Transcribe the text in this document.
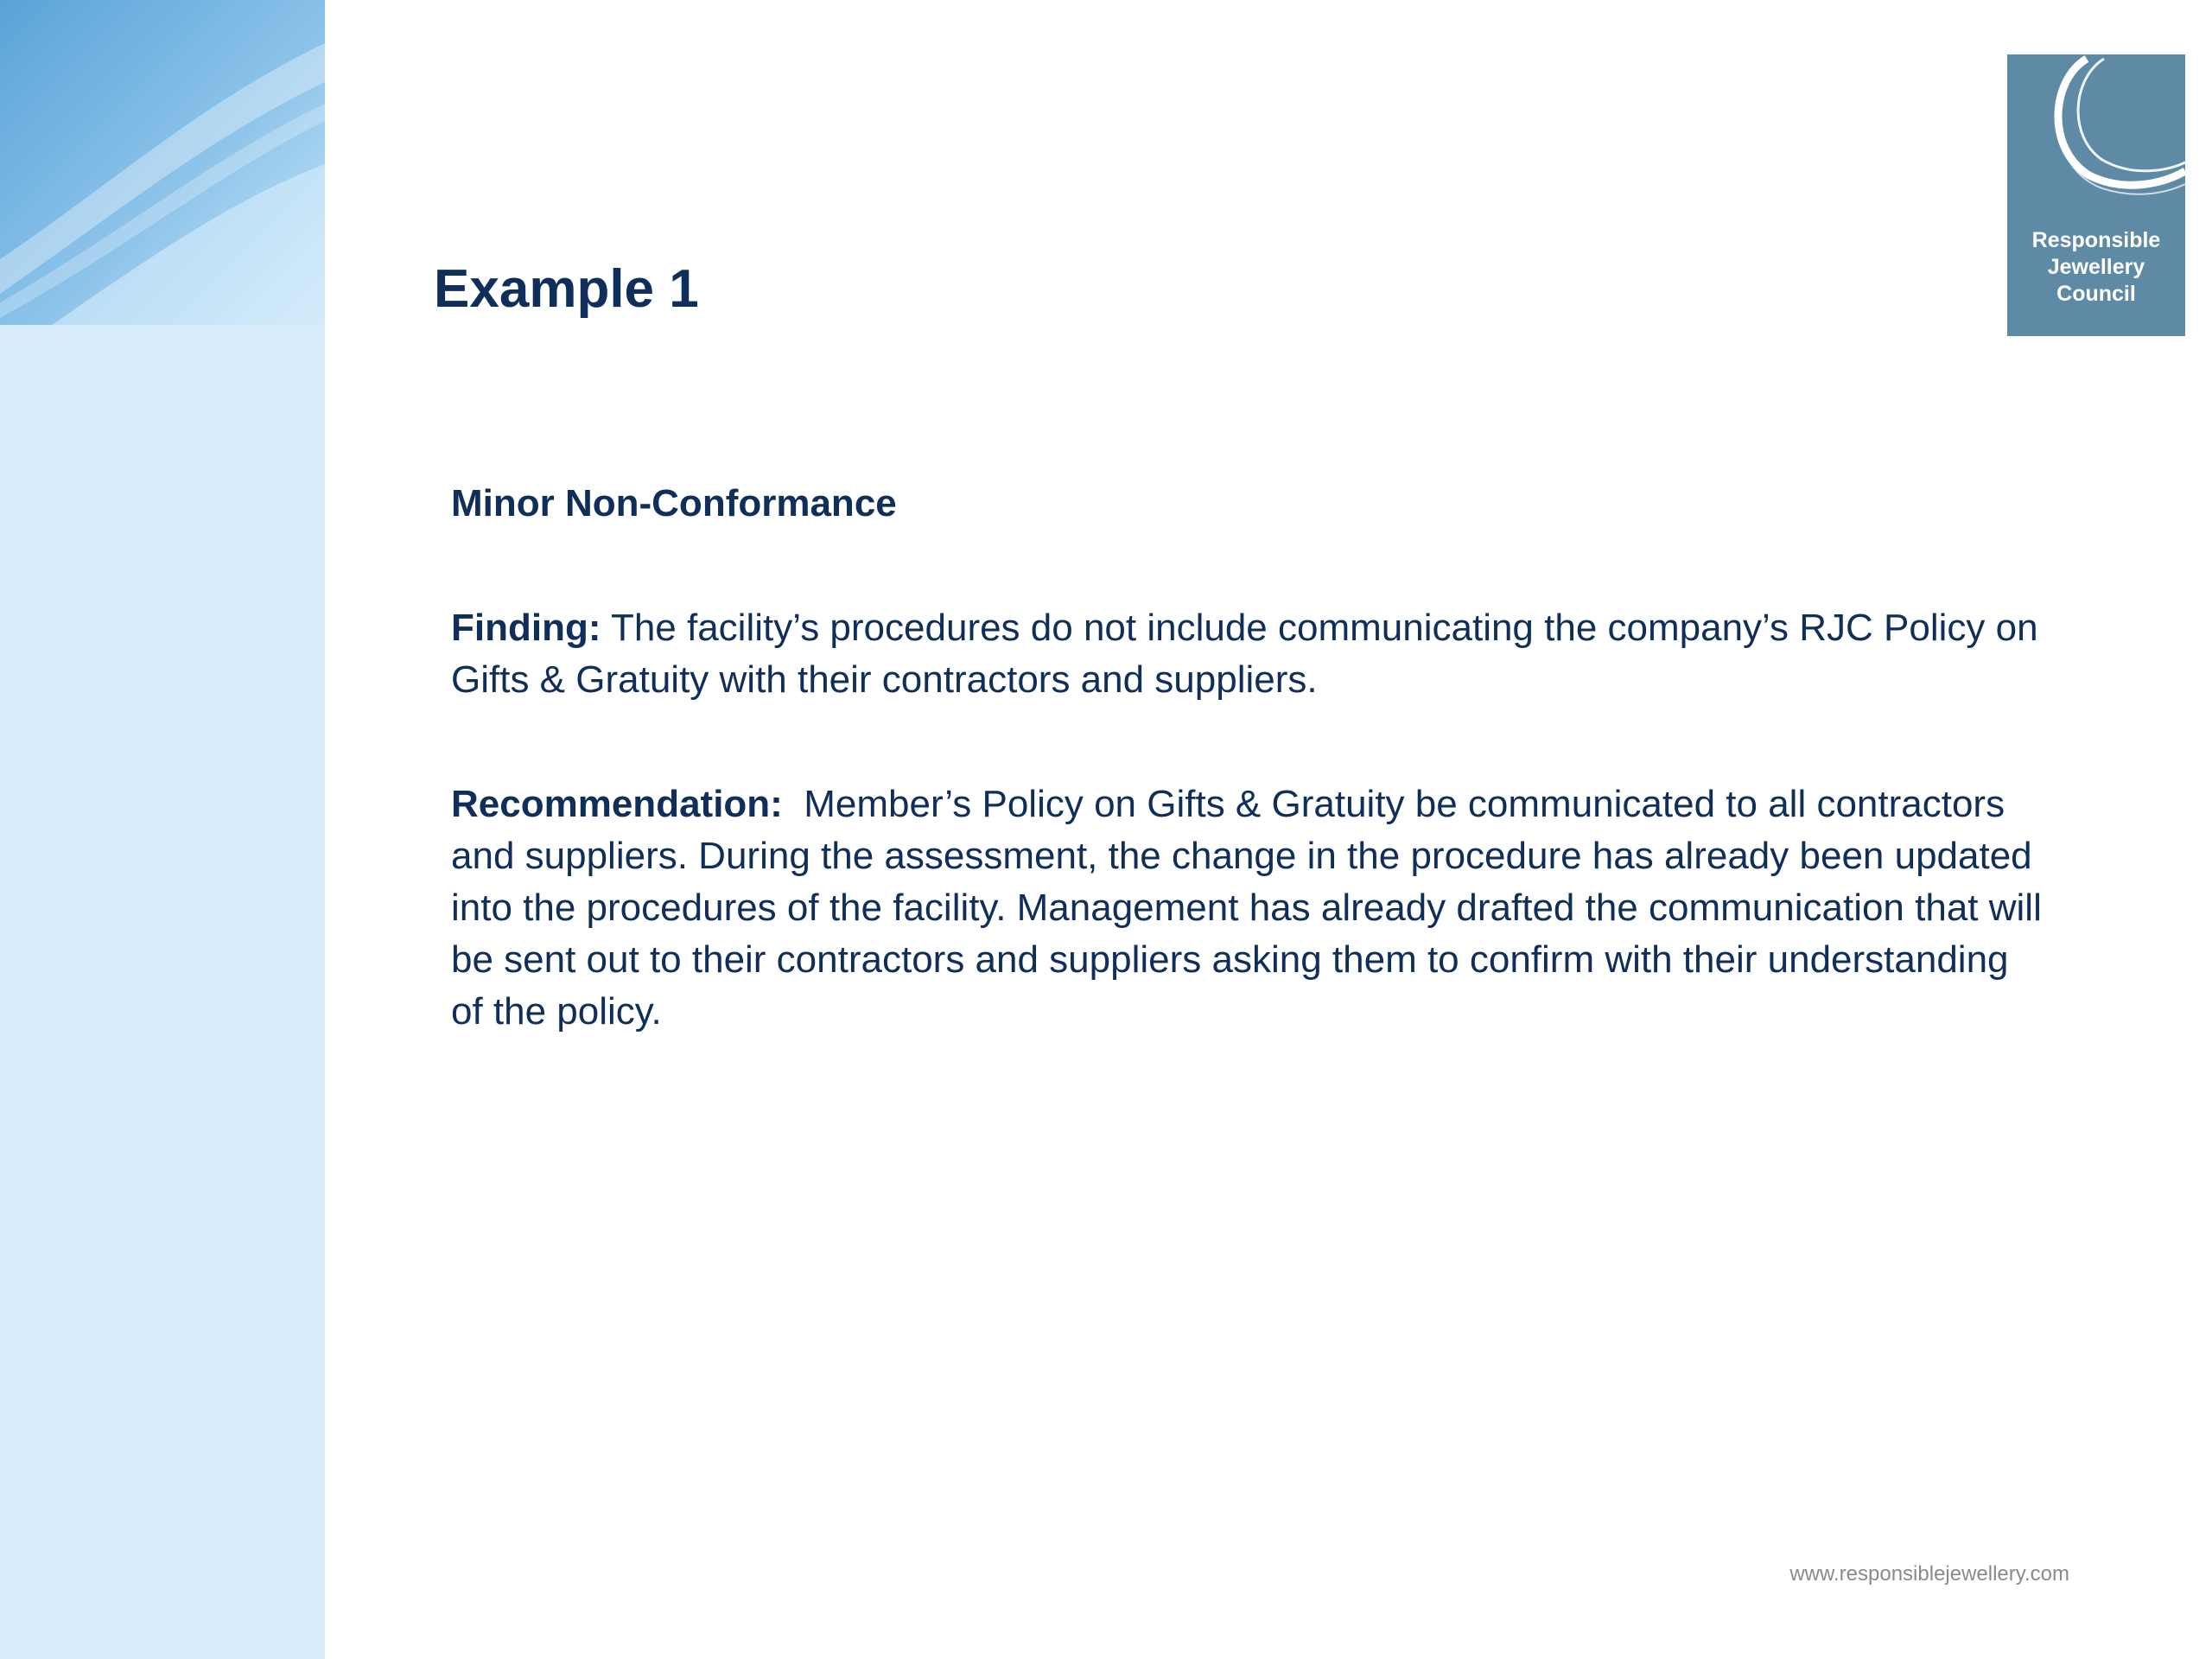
Example 1
Responsible
Jewellery
Council

Minor Non-Conformance

Finding: The facility’s procedures do not include communicating the company’s RJC Policy on Gifts & Gratuity with their contractors and suppliers.

Recommendation: Member’s Policy on Gifts & Gratuity be communicated to all contractors and suppliers. During the assessment, the change in the procedure has already been updated into the procedures of the facility. Management has already drafted the communication that will be sent out to their contractors and suppliers asking them to confirm with their understanding of the policy.

www.responsiblejewellery.com
